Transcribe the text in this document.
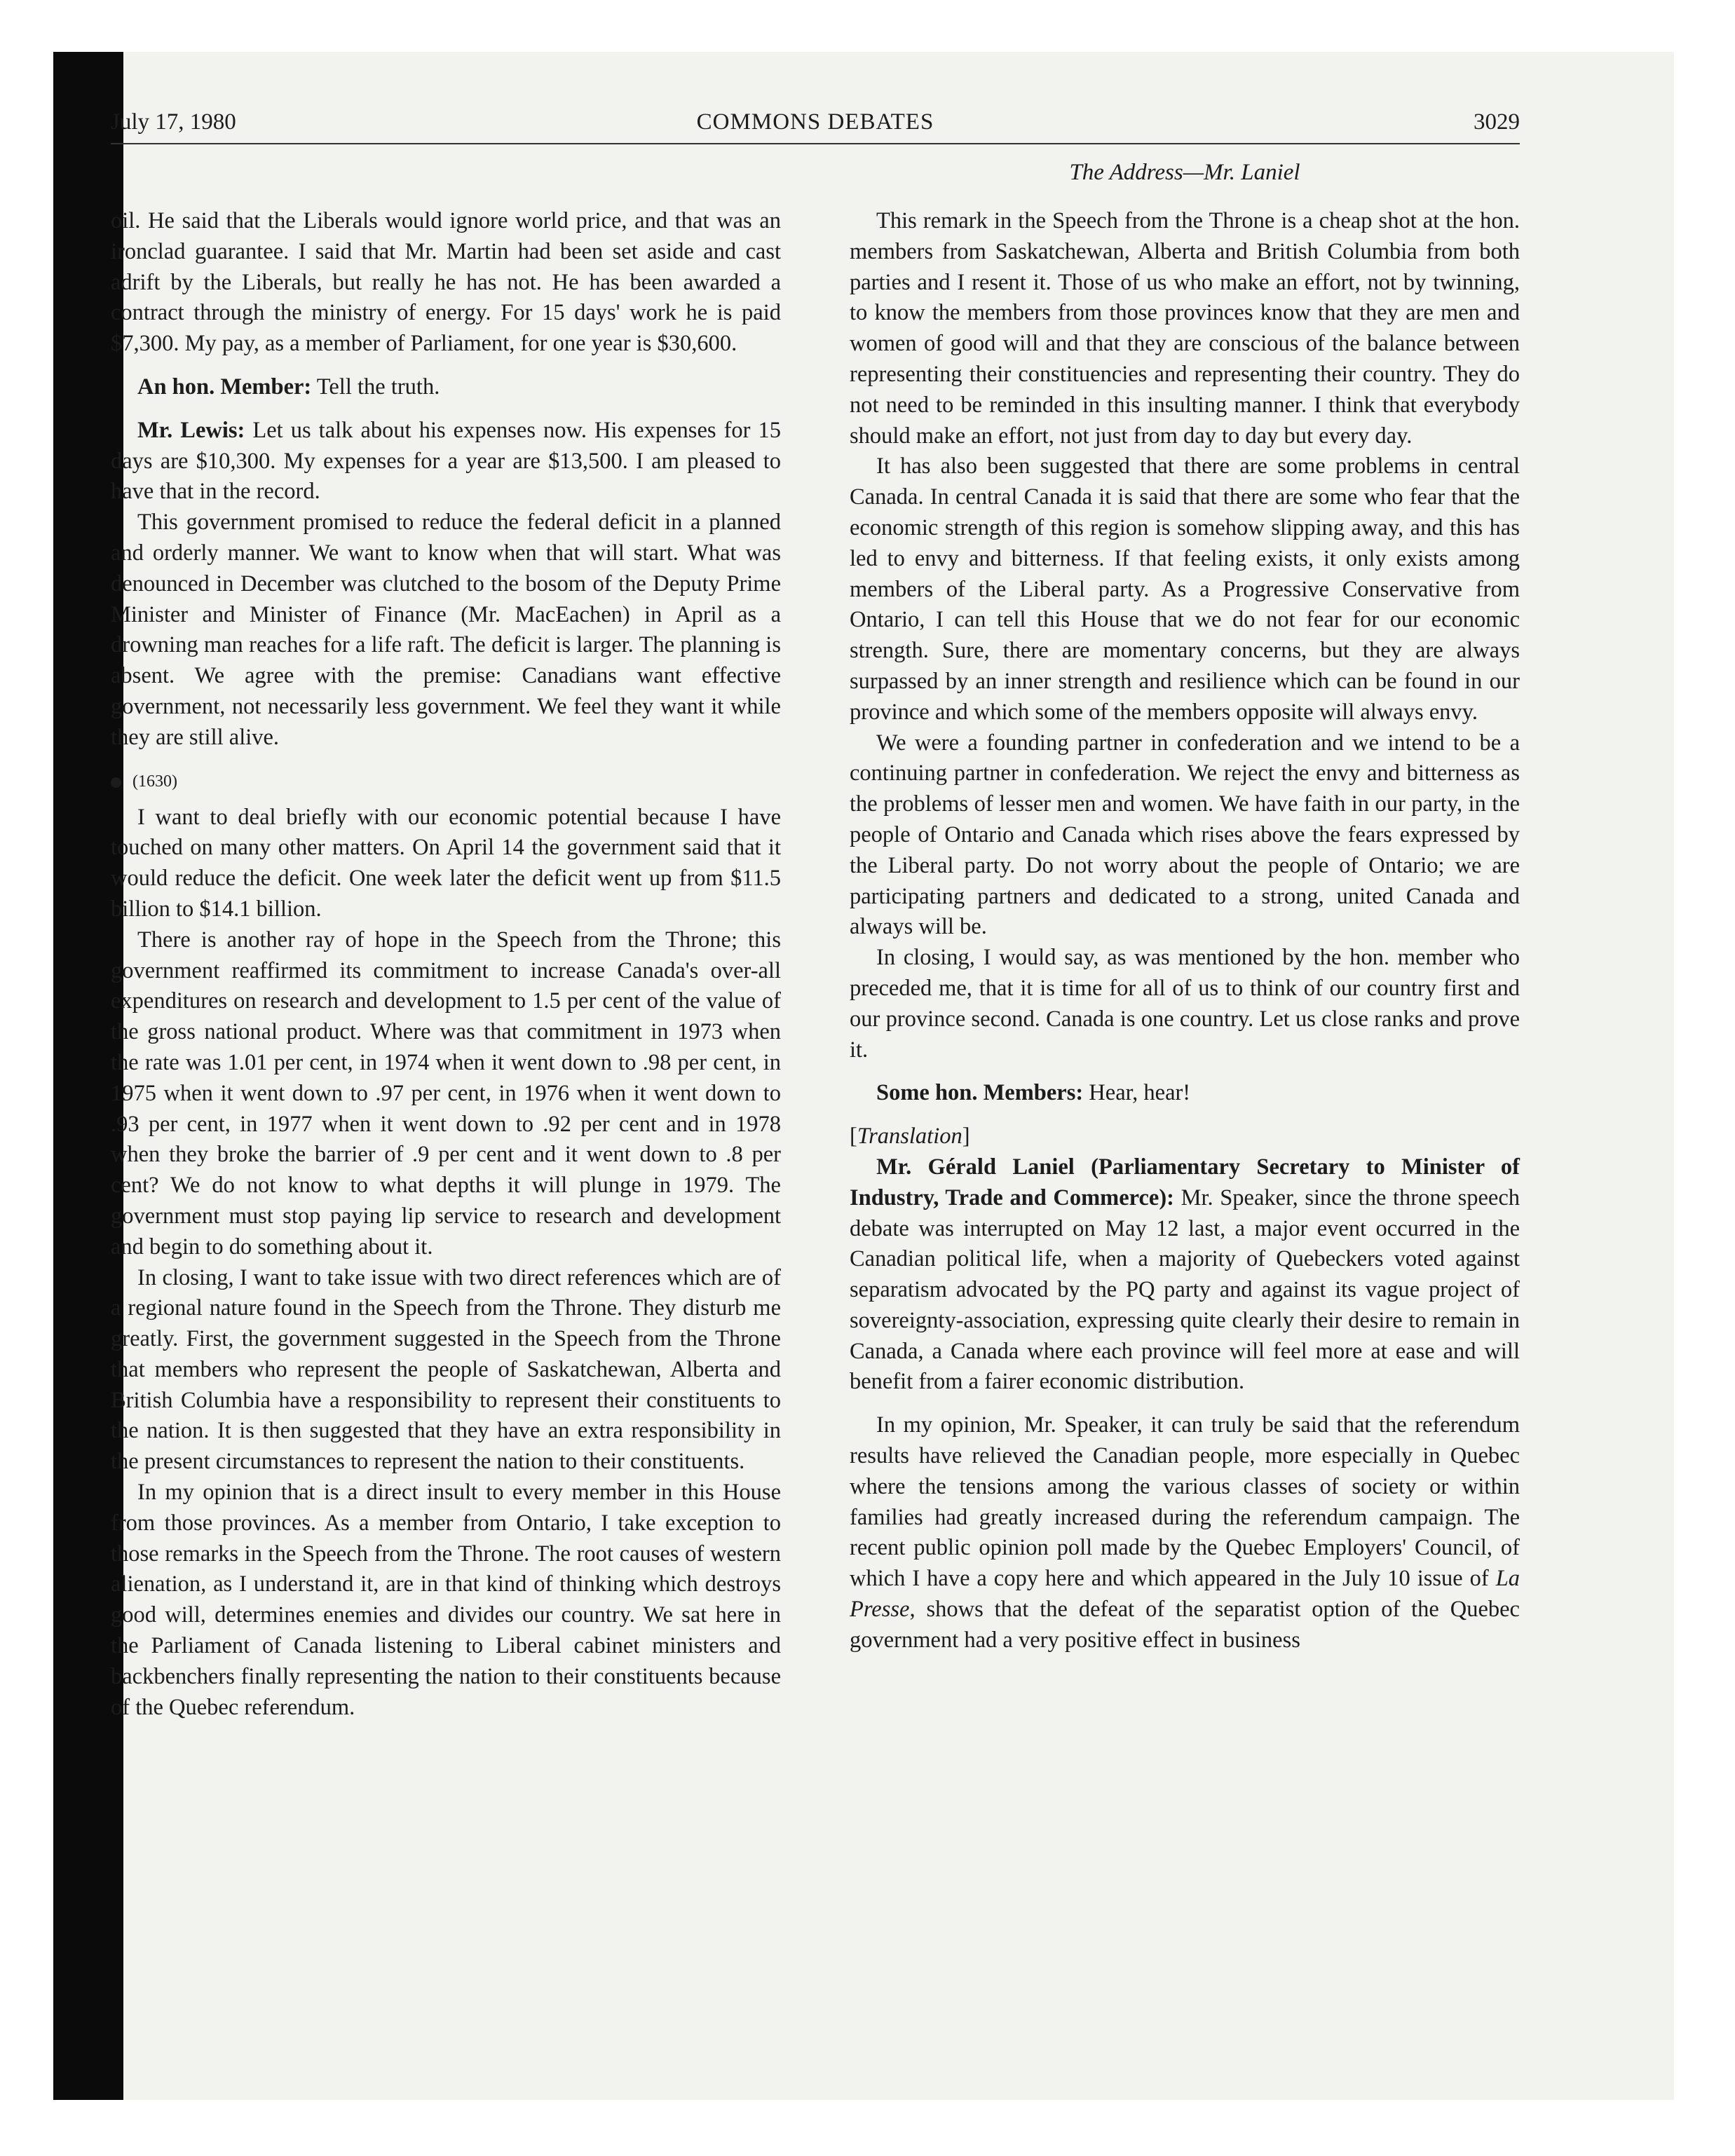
July 17, 1980	COMMONS DEBATES	3029
The Address—Mr. Laniel

oil. He said that the Liberals would ignore world price, and that was an ironclad guarantee. I said that Mr. Martin had been set aside and cast adrift by the Liberals, but really he has not. He has been awarded a contract through the ministry of energy. For 15 days' work he is paid $7,300. My pay, as a member of Parliament, for one year is $30,600.

An hon. Member: Tell the truth.

Mr. Lewis: Let us talk about his expenses now. His expenses for 15 days are $10,300. My expenses for a year are $13,500. I am pleased to have that in the record.

This government promised to reduce the federal deficit in a planned and orderly manner. We want to know when that will start. What was denounced in December was clutched to the bosom of the Deputy Prime Minister and Minister of Finance (Mr. MacEachen) in April as a drowning man reaches for a life raft. The deficit is larger. The planning is absent. We agree with the premise: Canadians want effective government, not necessarily less government. We feel they want it while they are still alive.

(1630)

I want to deal briefly with our economic potential because I have touched on many other matters. On April 14 the government said that it would reduce the deficit. One week later the deficit went up from $11.5 billion to $14.1 billion.

There is another ray of hope in the Speech from the Throne; this government reaffirmed its commitment to increase Canada's over-all expenditures on research and development to 1.5 per cent of the value of the gross national product. Where was that commitment in 1973 when the rate was 1.01 per cent, in 1974 when it went down to .98 per cent, in 1975 when it went down to .97 per cent, in 1976 when it went down to .93 per cent, in 1977 when it went down to .92 per cent and in 1978 when they broke the barrier of .9 per cent and it went down to .8 per cent? We do not know to what depths it will plunge in 1979. The government must stop paying lip service to research and development and begin to do something about it.

In closing, I want to take issue with two direct references which are of a regional nature found in the Speech from the Throne. They disturb me greatly. First, the government suggested in the Speech from the Throne that members who represent the people of Saskatchewan, Alberta and British Columbia have a responsibility to represent their constituents to the nation. It is then suggested that they have an extra responsibility in the present circumstances to represent the nation to their constituents.

In my opinion that is a direct insult to every member in this House from those provinces. As a member from Ontario, I take exception to those remarks in the Speech from the Throne. The root causes of western alienation, as I understand it, are in that kind of thinking which destroys good will, determines enemies and divides our country. We sat here in the Parliament of Canada listening to Liberal cabinet ministers and backbenchers finally representing the nation to their constituents because of the Quebec referendum.

This remark in the Speech from the Throne is a cheap shot at the hon. members from Saskatchewan, Alberta and British Columbia from both parties and I resent it. Those of us who make an effort, not by twinning, to know the members from those provinces know that they are men and women of good will and that they are conscious of the balance between representing their constituencies and representing their country. They do not need to be reminded in this insulting manner. I think that everybody should make an effort, not just from day to day but every day.

It has also been suggested that there are some problems in central Canada. In central Canada it is said that there are some who fear that the economic strength of this region is somehow slipping away, and this has led to envy and bitterness. If that feeling exists, it only exists among members of the Liberal party. As a Progressive Conservative from Ontario, I can tell this House that we do not fear for our economic strength. Sure, there are momentary concerns, but they are always surpassed by an inner strength and resilience which can be found in our province and which some of the members opposite will always envy.

We were a founding partner in confederation and we intend to be a continuing partner in confederation. We reject the envy and bitterness as the problems of lesser men and women. We have faith in our party, in the people of Ontario and Canada which rises above the fears expressed by the Liberal party. Do not worry about the people of Ontario; we are participating partners and dedicated to a strong, united Canada and always will be.

In closing, I would say, as was mentioned by the hon. member who preceded me, that it is time for all of us to think of our country first and our province second. Canada is one country. Let us close ranks and prove it.

Some hon. Members: Hear, hear!

[Translation]

Mr. Gérald Laniel (Parliamentary Secretary to Minister of Industry, Trade and Commerce): Mr. Speaker, since the throne speech debate was interrupted on May 12 last, a major event occurred in the Canadian political life, when a majority of Quebeckers voted against separatism advocated by the PQ party and against its vague project of sovereignty-association, expressing quite clearly their desire to remain in Canada, a Canada where each province will feel more at ease and will benefit from a fairer economic distribution.

In my opinion, Mr. Speaker, it can truly be said that the referendum results have relieved the Canadian people, more especially in Quebec where the tensions among the various classes of society or within families had greatly increased during the referendum campaign. The recent public opinion poll made by the Quebec Employers' Council, of which I have a copy here and which appeared in the July 10 issue of La Presse, shows that the defeat of the separatist option of the Quebec government had a very positive effect in business
